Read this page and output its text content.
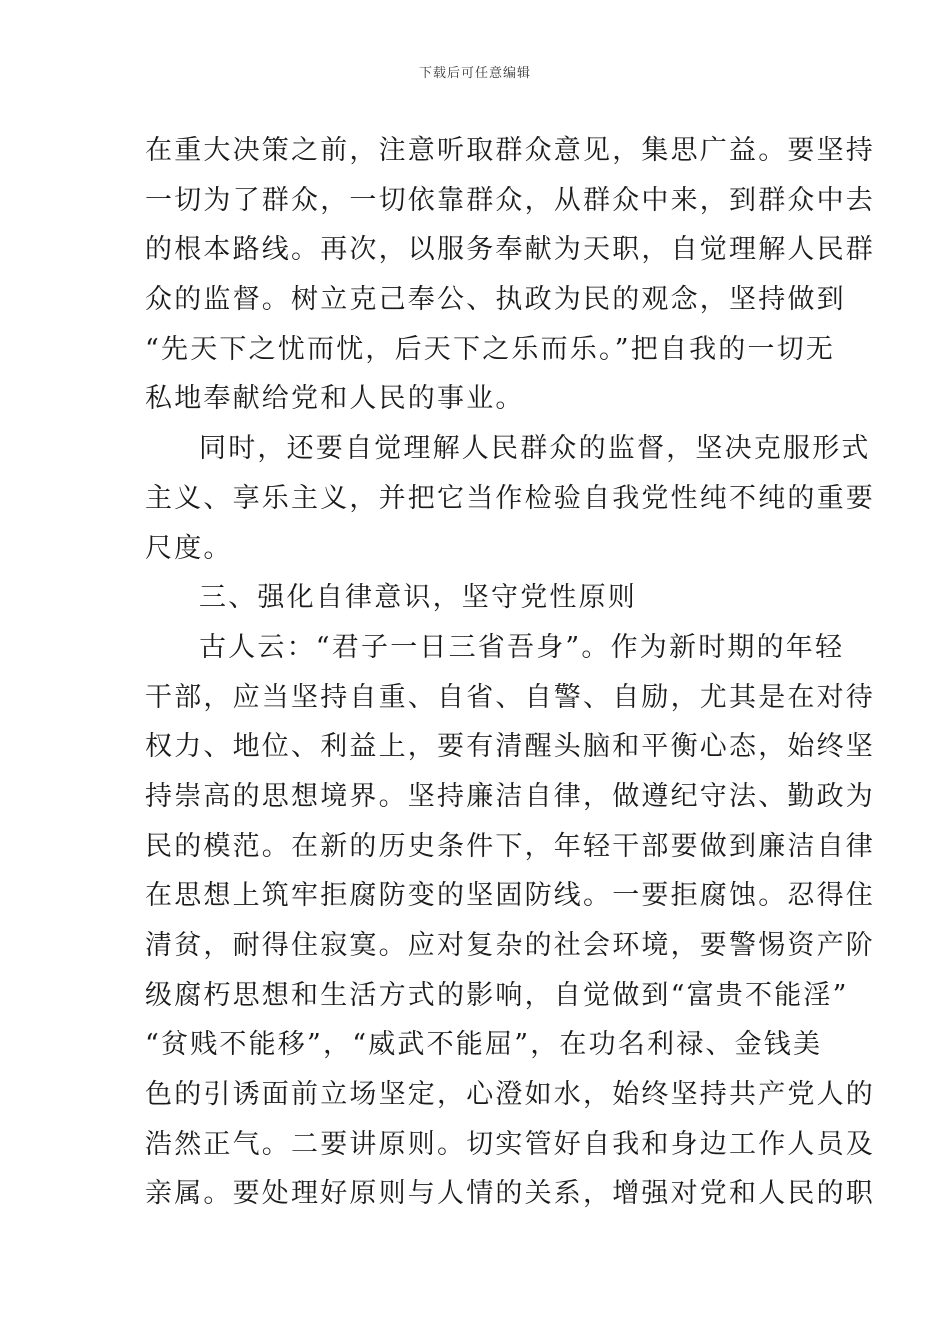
下载后可任意编辑
在重大决策之前，注意听取群众意见，集思广益。要坚持
一切为了群众，一切依靠群众，从群众中来，到群众中去
的根本路线。再次，以服务奉献为天职，自觉理解人民群
众的监督。树立克己奉公、执政为民的观念，坚持做到
“先天下之忧而忧，后天下之乐而乐。”把自我的一切无
私地奉献给党和人民的事业。
同时，还要自觉理解人民群众的监督，坚决克服形式
主义、享乐主义，并把它当作检验自我党性纯不纯的重要
尺度。
三、强化自律意识，坚守党性原则
古人云：“君子一日三省吾身”。作为新时期的年轻
干部，应当坚持自重、自省、自警、自励，尤其是在对待
权力、地位、利益上，要有清醒头脑和平衡心态，始终坚
持崇高的思想境界。坚持廉洁自律，做遵纪守法、勤政为
民的模范。在新的历史条件下，年轻干部要做到廉洁自律
在思想上筑牢拒腐防变的坚固防线。一要拒腐蚀。忍得住
清贫，耐得住寂寞。应对复杂的社会环境，要警惕资产阶
级腐朽思想和生活方式的影响，自觉做到“富贵不能淫”
“贫贱不能移”，“威武不能屈”，在功名利禄、金钱美
色的引诱面前立场坚定，心澄如水，始终坚持共产党人的
浩然正气。二要讲原则。切实管好自我和身边工作人员及
亲属。要处理好原则与人情的关系，增强对党和人民的职
